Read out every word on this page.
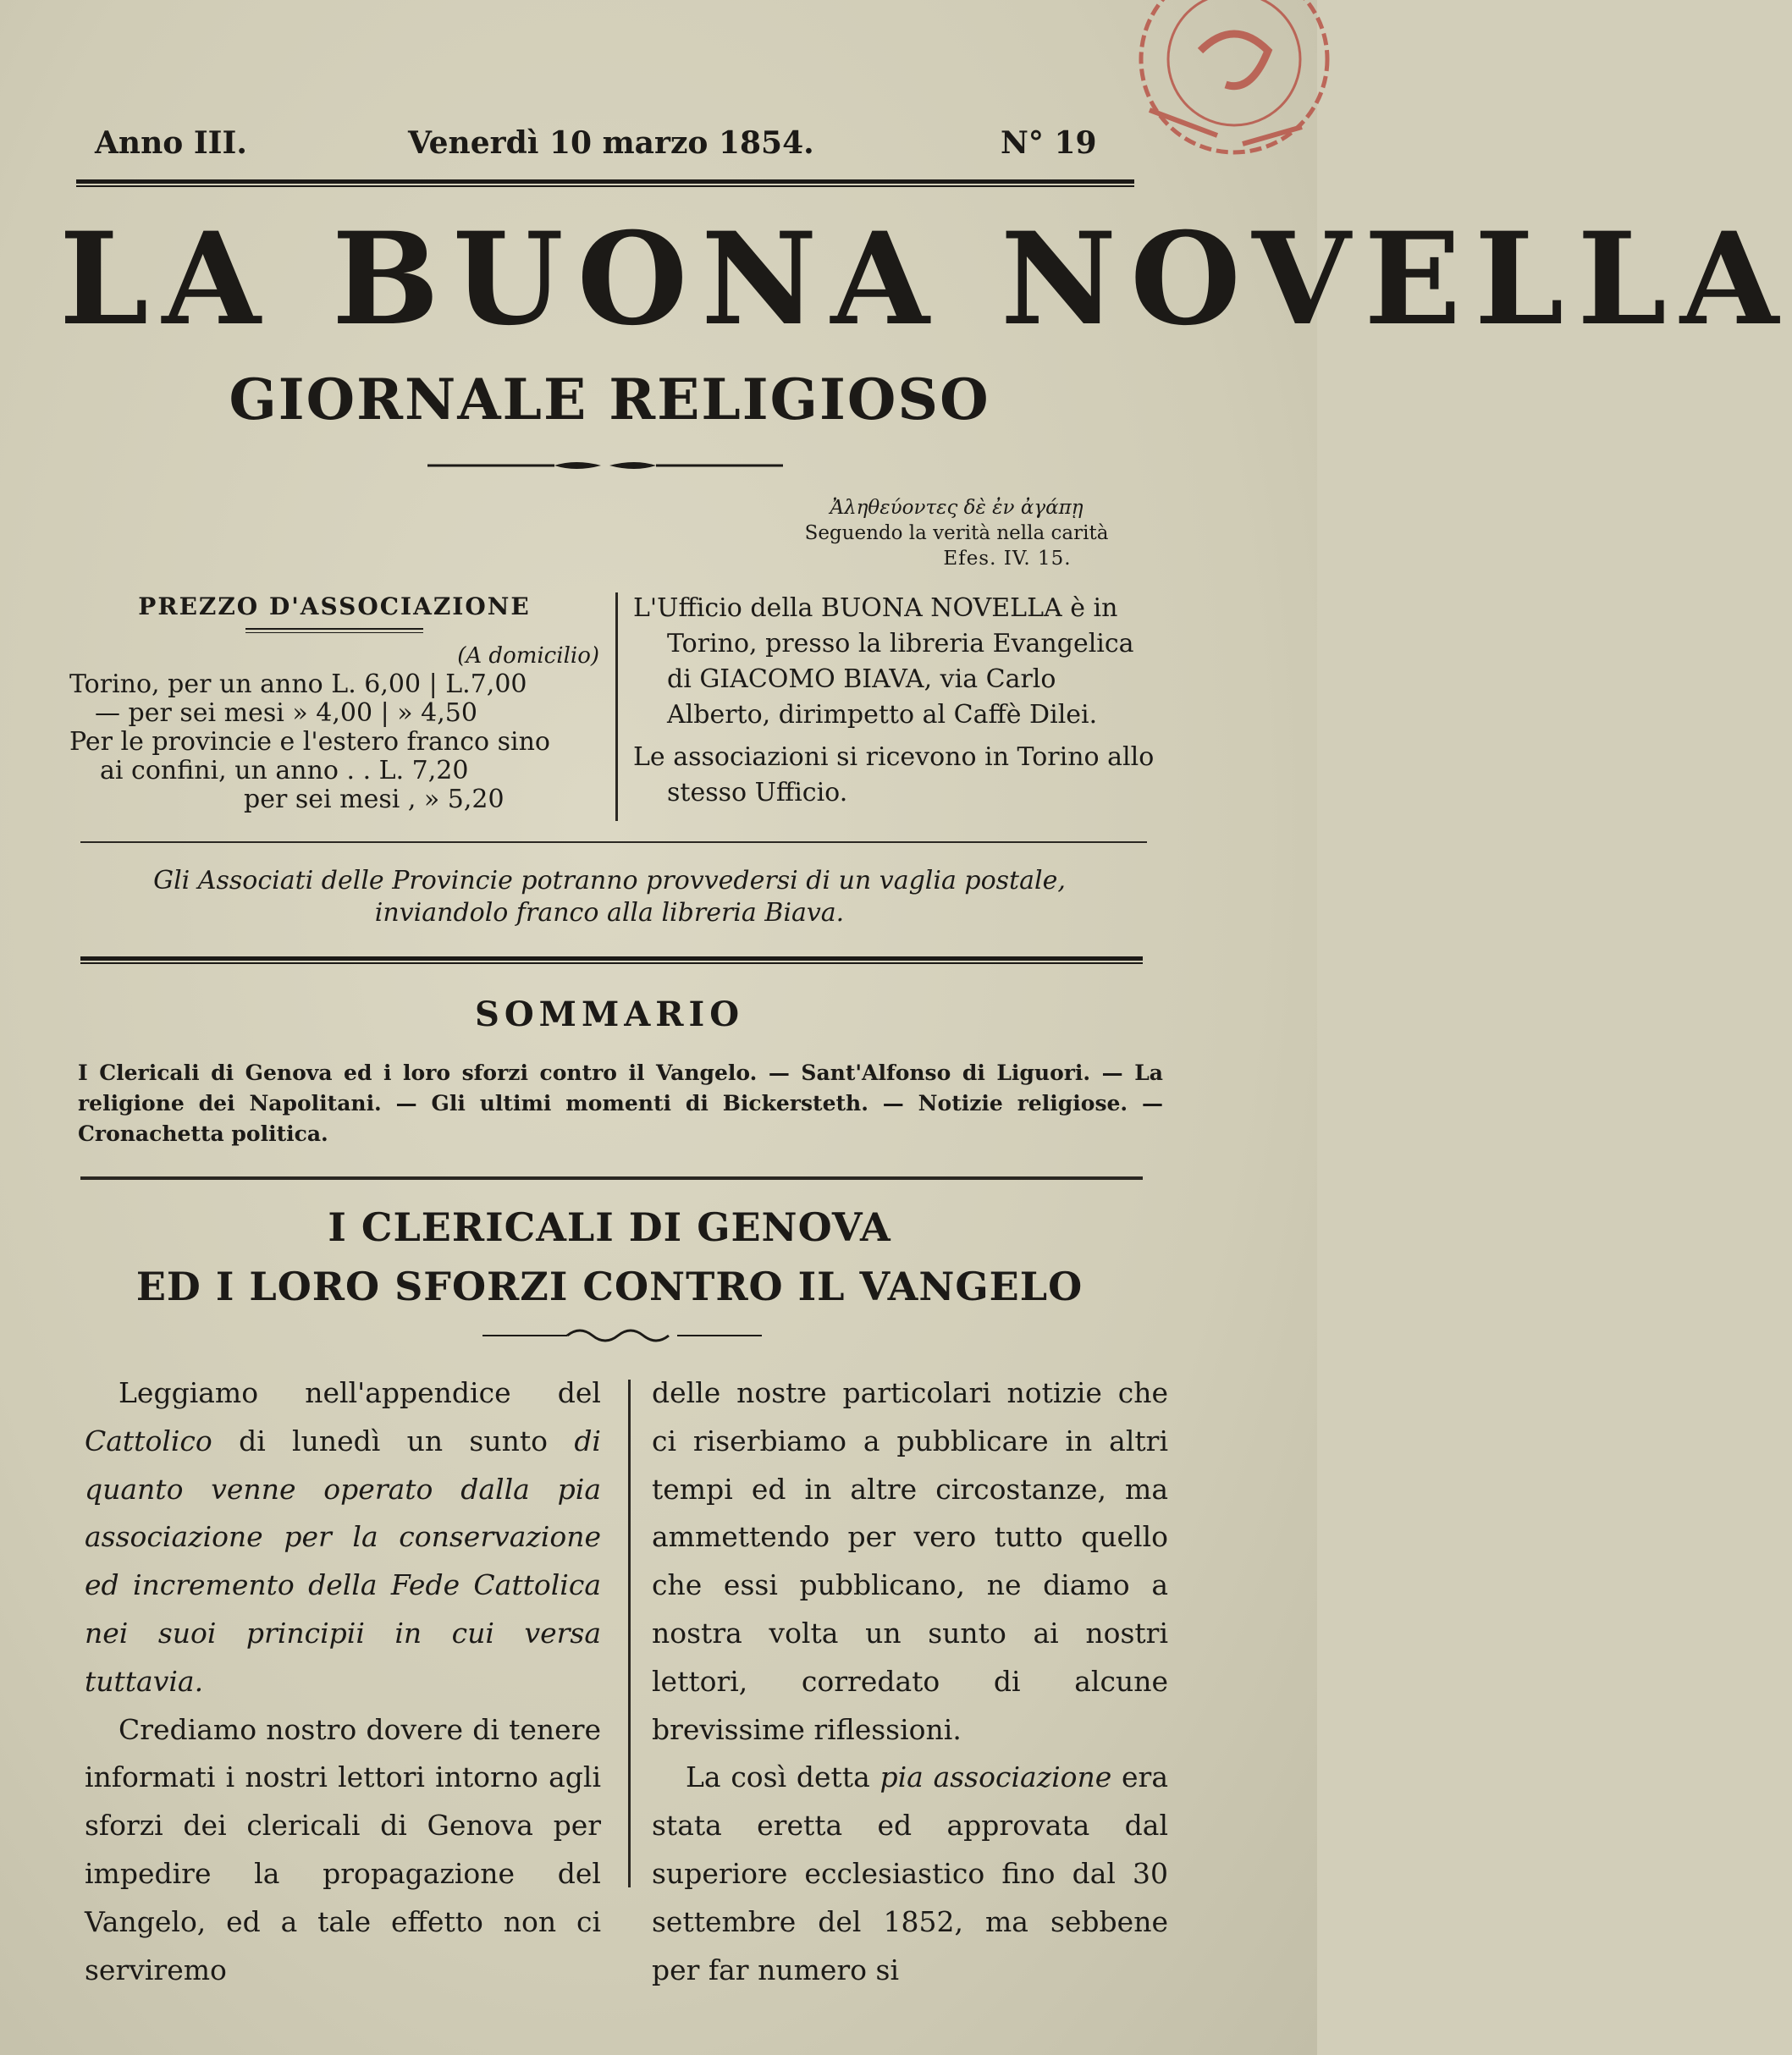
Anno III.	Venerdì 10 marzo 1854.	N° 19
LA BUONA NOVELLA
GIORNALE RELIGIOSO
Ἀληθεύοντες δὲ ἐν ἀγάπῃ
Seguendo la verità nella carità
Efes. IV. 15.
PREZZO D'ASSOCIAZIONE
(A domicilio)
Torino, per un anno L. 6,00 | L.7,00
— per sei mesi » 4,00 | » 4,50
Per le provincie e l'estero franco sino
ai confini, un anno . . L. 7,20
per sei mesi , » 5,20

L'Ufficio della BUONA NOVELLA è in Torino, presso la libreria Evangelica di GIACOMO BIAVA, via Carlo Alberto, dirimpetto al Caffè Dilei.

Le associazioni si ricevono in Torino allo stesso Ufficio.

Gli Associati delle Provincie potranno provvedersi di un vaglia postale,
inviandolo franco alla libreria Biava.
SOMMARIO
I Clericali di Genova ed i loro sforzi contro il Vangelo. — Sant'Alfonso di Liguori. — La religione dei Napolitani. — Gli ultimi momenti di Bickersteth. — Notizie religiose. — Cronachetta politica.
I CLERICALI DI GENOVA
ED I LORO SFORZI CONTRO IL VANGELO

Leggiamo nell'appendice del Cattolico di lunedì un sunto di quanto venne operato dalla pia associazione per la conservazione ed incremento della Fede Cattolica nei suoi principii in cui versa tuttavia.

Crediamo nostro dovere di tenere informati i nostri lettori intorno agli sforzi dei clericali di Genova per impedire la propagazione del Vangelo, ed a tale effetto non ci serviremo

delle nostre particolari notizie che ci riserbiamo a pubblicare in altri tempi ed in altre circostanze, ma ammettendo per vero tutto quello che essi pubblicano, ne diamo a nostra volta un sunto ai nostri lettori, corredato di alcune brevissime riflessioni.

La così detta pia associazione era stata eretta ed approvata dal superiore ecclesiastico fino dal 30 settembre del 1852, ma sebbene per far numero si
